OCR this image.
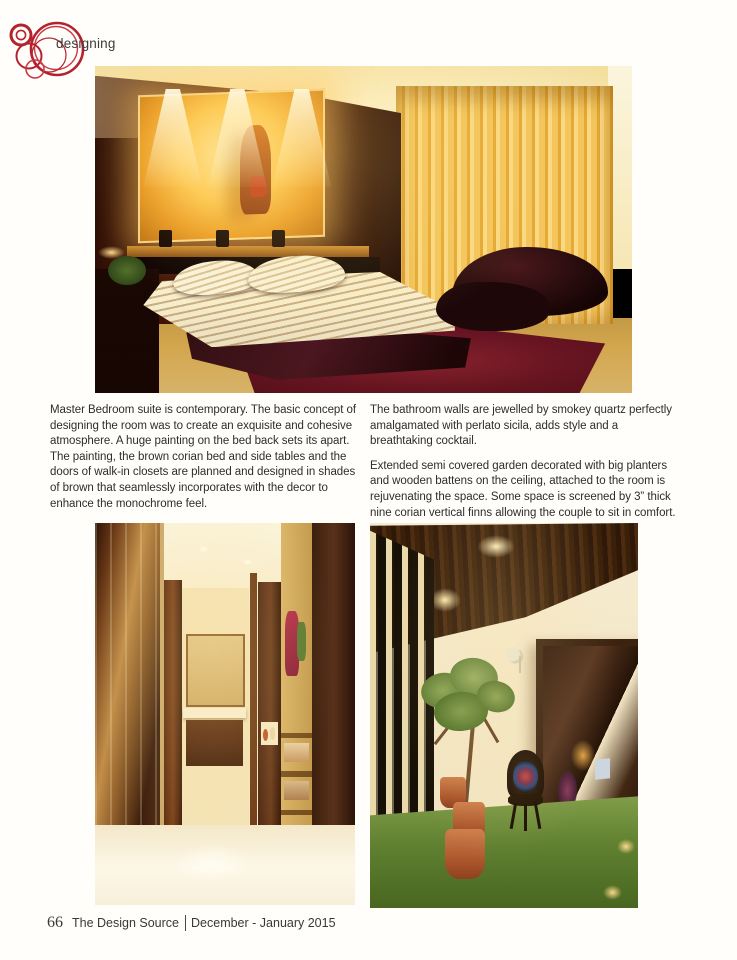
designing

Master Bedroom suite is contemporary. The basic concept of designing the room was to create an exquisite and cohesive atmosphere. A huge painting on the bed back sets its apart. The painting, the brown corian bed and side tables and the doors of walk-in closets are planned and designed in shades of brown that seamlessly incorporates with the decor to enhance the monochrome feel.

The bathroom walls are jewelled by smokey quartz perfectly amalgamated with perlato sicila, adds style and a breathtaking cocktail.

Extended semi covered garden decorated with big planters and wooden battens on the ceiling, attached to the room is rejuvenating the space. Some space is screened by 3” thick nine corian vertical finns allowing the couple to sit in comfort.

66 The Design Source December - January 2015
